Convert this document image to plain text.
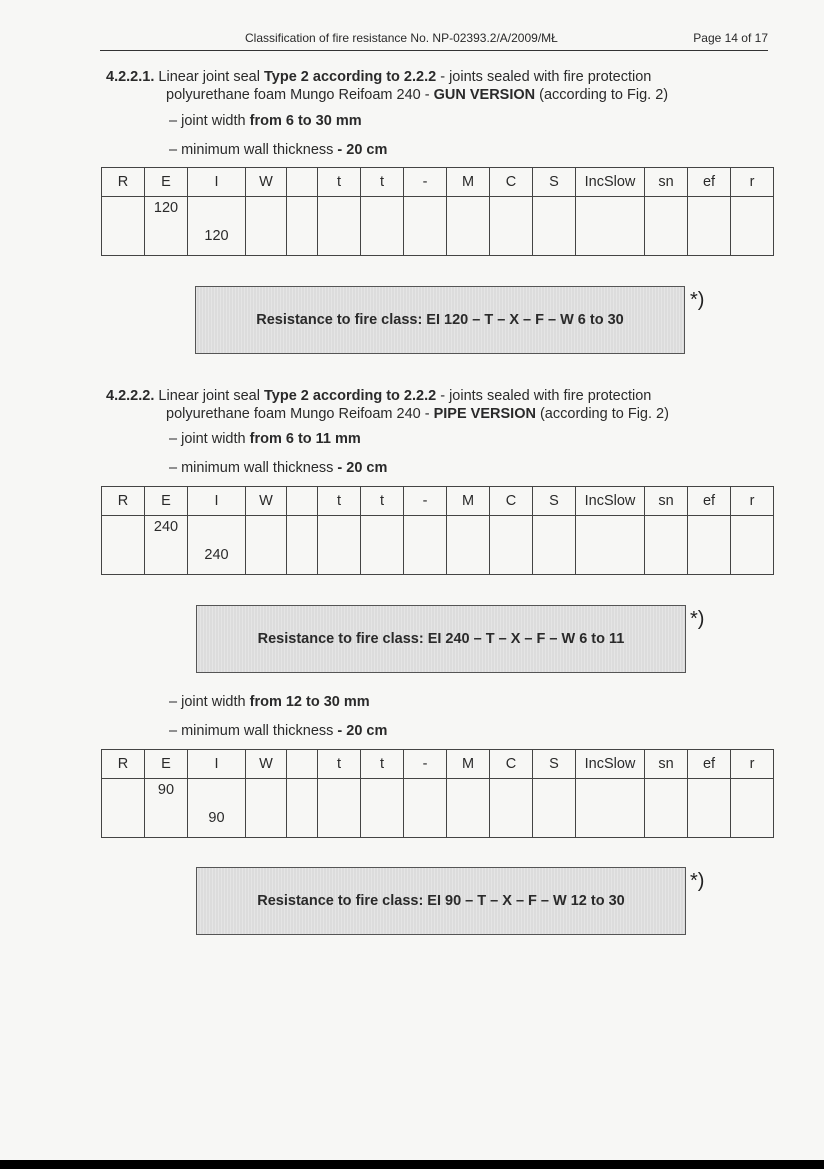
Classification of fire resistance No. NP-02393.2/A/2009/MŁ	Page 14 of 17
4.2.2.1. Linear joint seal Type 2 according to 2.2.2 - joints sealed with fire protection
polyurethane foam Mungo Reifoam 240 - GUN VERSION (according to Fig. 2)
– joint width from 6 to 30 mm
– minimum wall thickness - 20 cm
R	E	I	W		t	t	-	M	C	S	IncSlow	sn	ef	r

	120	120												

Resistance to fire class: EI 120 – T – X – F – W 6 to 30
*)
4.2.2.2. Linear joint seal Type 2 according to 2.2.2 - joints sealed with fire protection
polyurethane foam Mungo Reifoam 240 - PIPE VERSION (according to Fig. 2)
– joint width from 6 to 11 mm
– minimum wall thickness - 20 cm
R	E	I	W		t	t	-	M	C	S	IncSlow	sn	ef	r

	240	240												

Resistance to fire class: EI 240 – T – X – F – W 6 to 11
*)
– joint width from 12 to 30 mm
– minimum wall thickness - 20 cm
R	E	I	W		t	t	-	M	C	S	IncSlow	sn	ef	r

	90	90												

Resistance to fire class: EI 90 – T – X – F – W 12 to 30
*)
